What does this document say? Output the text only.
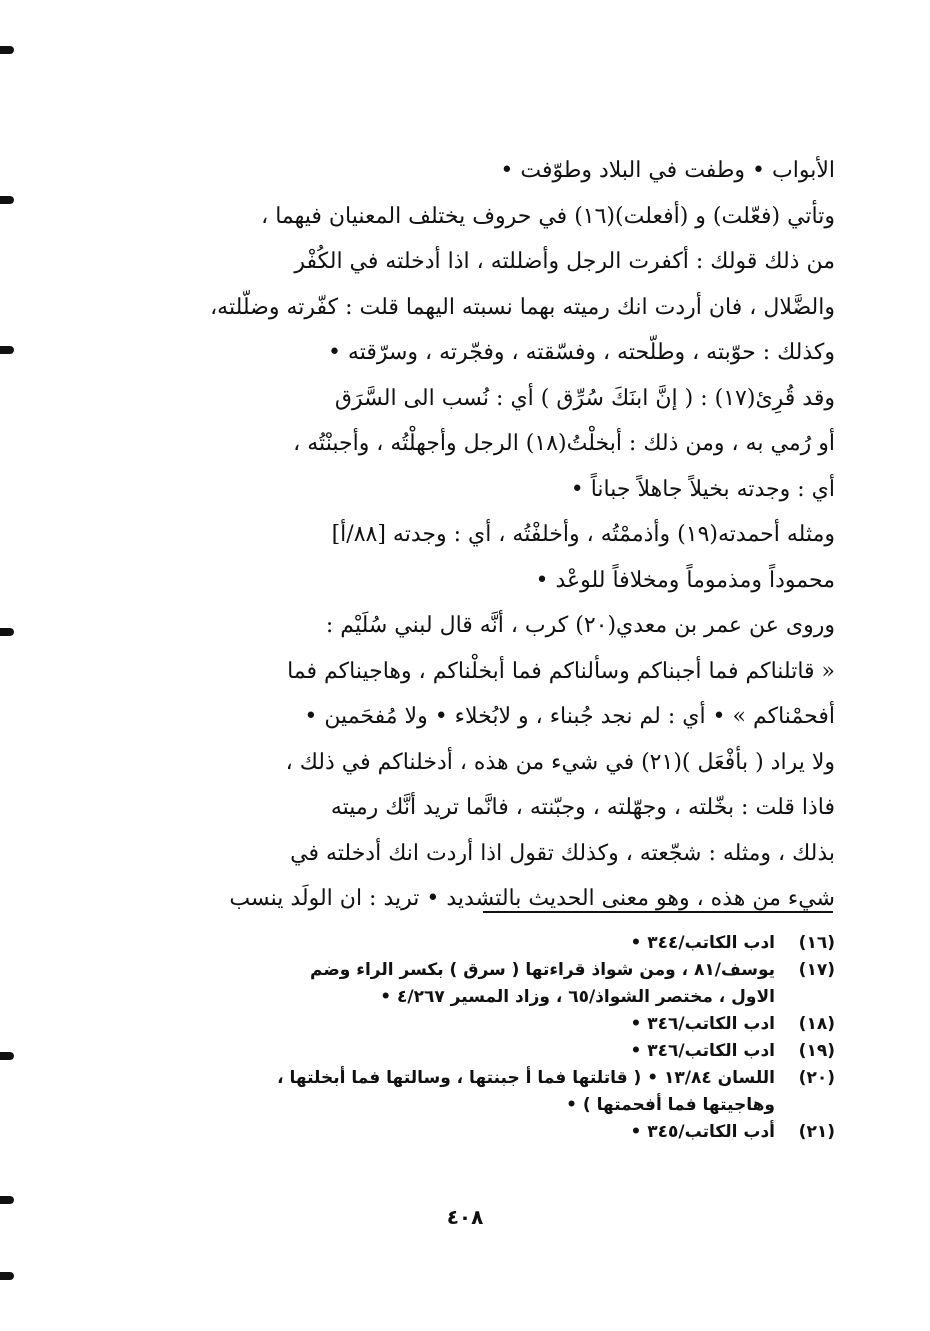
الأبواب • وطفت في البلاد وطوّفت •
وتأتي (فعّلت) و (أفعلت)(١٦) في حروف يختلف المعنيان فيهما ،
من ذلك قولك : أكفرت الرجل وأضللته ، اذا أدخلته في الكُفْر
والضَّلال ، فان أردت انك رميته بهما نسبته اليهما قلت : كفّرته وضلّلته،
وكذلك : حوّبته ، وطلّحته ، وفسّقته ، وفجّرته ، وسرّقته •
وقد قُرِئ(١٧) : ( إنَّ ابنَكَ سُرِّق ) أي : نُسب الى السَّرَق
أو رُمي به ، ومن ذلك : أبخلْتُ(١٨) الرجل وأجهلْتُه ، وأجبنْتُه ،
أي : وجدته بخيلاً جاهلاً جباناً •
ومثله أحمدته(١٩) وأذممْتُه ، وأخلفْتُه ، أي : وجدته [٨٨/أ]
محموداً ومذموماً ومخلافاً للوعْد •
وروى عن عمر بن معدي(٢٠) كرب ، أنَّه قال لبني سُلَيْم :
« قاتلناكم فما أجبناكم وسألناكم فما أبخلْناكم ، وهاجيناكم فما
أفحمْناكم » • أي : لم نجد جُبناء ، و لابُخلاء • ولا مُفحَمين •
ولا يراد ( بأفْعَل )(٢١) في شيء من هذه ، أدخلناكم في ذلك ،
فاذا قلت : بخّلته ، وجهّلته ، وجبّنته ، فانَّما تريد أنَّك رميته
بذلك ، ومثله : شجّعته ، وكذلك تقول اذا أردت انك أدخلته في
شيء من هذه ، وهو معنى الحديث بالتشديد • تريد : ان الولَد ينسب
(١٦)
ادب الكاتب/٣٤٤ •
(١٧)
يوسف/٨١ ، ومن شواذ قراءتها ( سرق ) بكسر الراء وضم
الاول ، مختصر الشواذ/٦٥ ، وزاد المسير ٤/٢٦٧ •
(١٨)
ادب الكاتب/٣٤٦ •
(١٩)
ادب الكاتب/٣٤٦ •
(٢٠)
اللسان ١٣/٨٤ • ( قاتلتها فما أ جبنتها ، وسالتها فما أبخلتها ،
وهاجيتها فما أفحمتها ) •
(٢١)
أدب الكاتب/٣٤٥ •
٤٠٨
